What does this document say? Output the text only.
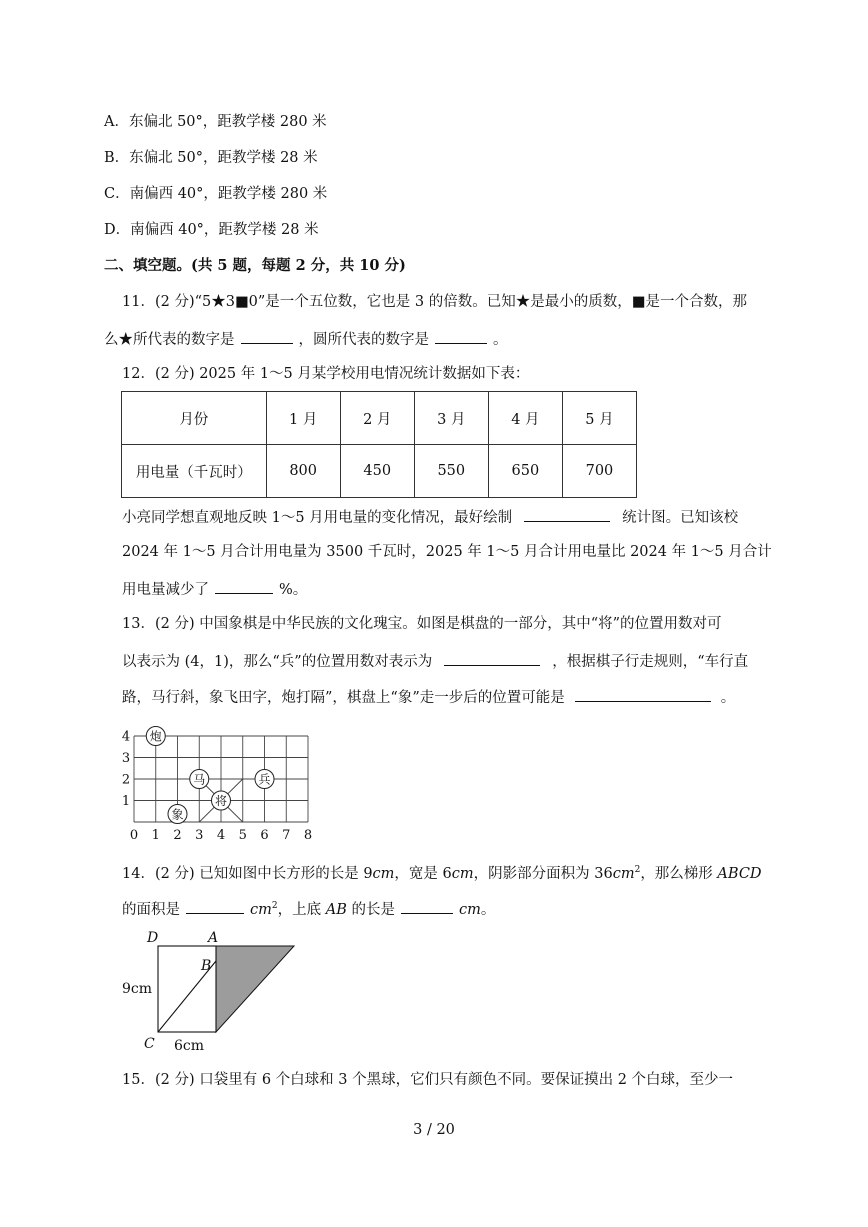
A．东偏北 50°，距教学楼 280 米
B．东偏北 50°，距教学楼 28 米
C．南偏西 40°，距教学楼 280 米
D．南偏西 40°，距教学楼 28 米
二、填空题。(共 5 题，每题 2 分，共 10 分)
11．(2 分)“5★3■0”是一个五位数，它也是 3 的倍数。已知★是最小的质数，■是一个合数，那
么★所代表的数字是	，圆所代表的数字是	。
12．(2 分) 2025 年 1～5 月某学校用电情况统计数据如下表：
月份	1 月	2 月	3 月	4 月	5 月
用电量（千瓦时）	800	450	550	650	700
小亮同学想直观地反映 1～5 月用电量的变化情况，最好绘制	统计图。已知该校
2024 年 1～5 月合计用电量为 3500 千瓦时，2025 年 1～5 月合计用电量比 2024 年 1～5 月合计
用电量减少了	%。
13．(2 分) 中国象棋是中华民族的文化瑰宝。如图是棋盘的一部分，其中“将”的位置用数对可
以表示为 (4，1)，那么“兵”的位置用数对表示为	，根据棋子行走规则，“车行直
路，马行斜，象飞田字，炮打隔”，棋盘上“象”走一步后的位置可能是	。
0 1 2 3 4 5 6 7 8
1
2
3
4 炮
马	兵
将
象
14．(2 分) 已知如图中长方形的长是 9cm，宽是 6cm，阴影部分面积为 $36cm^2$，那么梯形 ABCD
的面积是	$cm^2$，上底 AB 的长是	cm。
D	A
B
C
9cm
6cm
15．(2 分) 口袋里有 6 个白球和 3 个黑球，它们只有颜色不同。要保证摸出 2 个白球，至少一
3 / 20
